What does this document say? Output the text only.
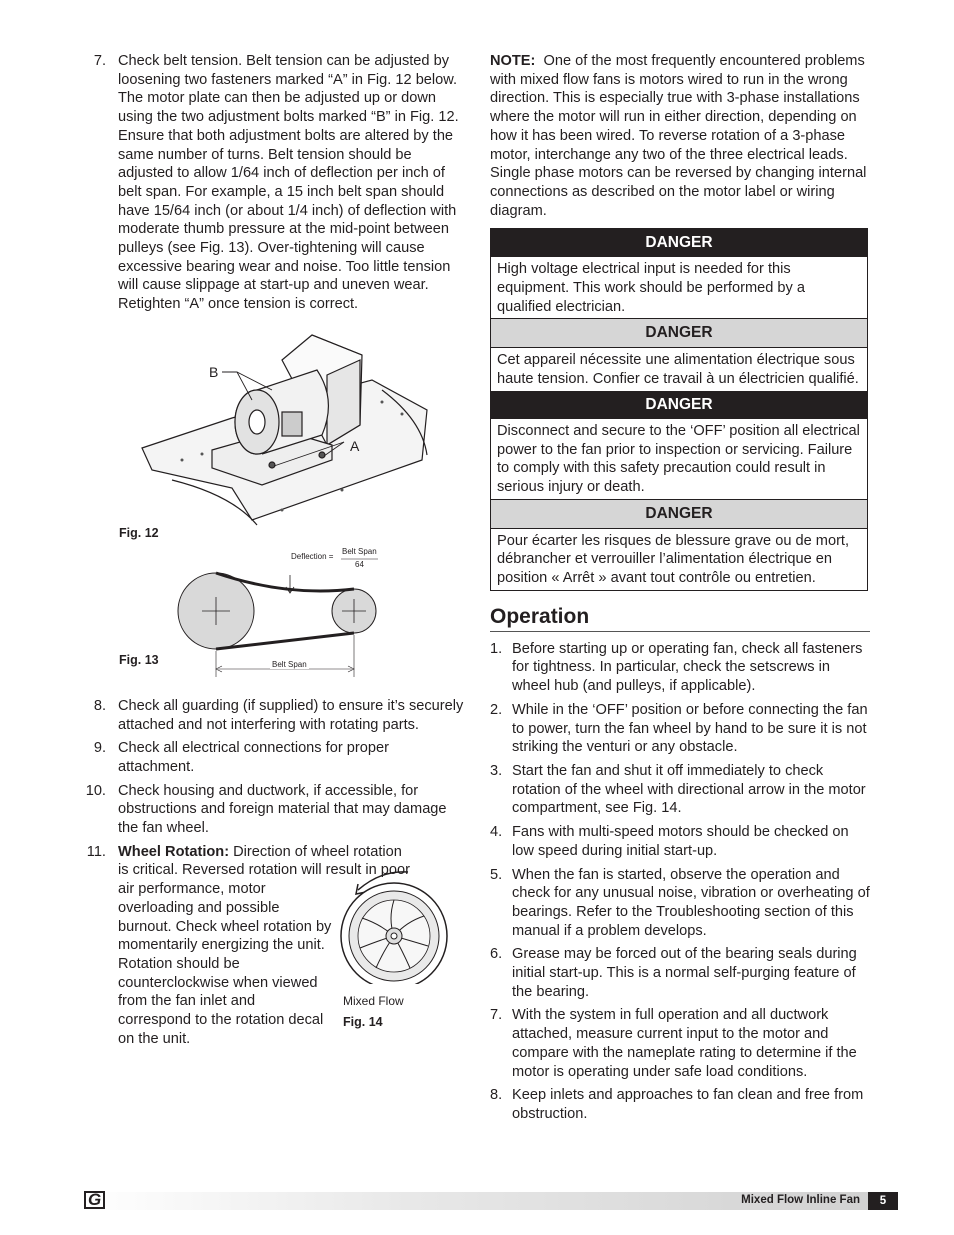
7. Check belt tension. Belt tension can be adjusted by loosening two fasteners marked “A” in Fig. 12 below. The motor plate can then be adjusted up or down using the two adjustment bolts marked “B” in Fig. 12. Ensure that both adjustment bolts are altered by the same number of turns. Belt tension should be adjusted to allow 1/64 inch of deflection per inch of belt span. For example, a 15 inch belt span should have 15/64 inch (or about 1/4 inch) of deflection with moderate thumb pressure at the mid-point between pulleys (see Fig. 13). Over-tightening will cause excessive bearing wear and noise. Too little tension will cause slippage at start-up and uneven wear. Retighten “A” once tension is correct.
B
A
Fig. 12
Deflection =
Belt Span
64
Belt Span
Fig. 13
8. Check all guarding (if supplied) to ensure it’s securely attached and not interfering with rotating parts.
9. Check all electrical connections for proper attachment.
10. Check housing and ductwork, if accessible, for obstructions and foreign material that may damage the fan wheel.
11. Wheel Rotation: Direction of wheel rotation
is critical. Reversed rotation will result in poor
air performance, motor overloading and possible burnout. Check wheel rotation by momentarily energizing the unit. Rotation should be counterclockwise when viewed from the fan inlet and correspond to the rotation decal on the unit.
Mixed Flow
Fig. 14
NOTE: One of the most frequently encountered problems with mixed flow fans is motors wired to run in the wrong direction. This is especially true with 3-phase installations where the motor will run in either direction, depending on how it has been wired. To reverse rotation of a 3-phase motor, interchange any two of the three electrical leads. Single phase motors can be reversed by changing internal connections as described on the motor label or wiring diagram.
DANGER
High voltage electrical input is needed for this equipment. This work should be performed by a qualified electrician.
DANGER
Cet appareil nécessite une alimentation électrique sous haute tension. Confier ce travail à un électricien qualifié.
DANGER
Disconnect and secure to the ‘OFF’ position all electrical power to the fan prior to inspection or servicing. Failure to comply with this safety precaution could result in serious injury or death.
DANGER
Pour écarter les risques de blessure grave ou de mort, débrancher et verrouiller l’alimentation électrique en position « Arrêt » avant tout contrôle ou entretien.
Operation
1. Before starting up or operating fan, check all fasteners for tightness. In particular, check the setscrews in wheel hub (and pulleys, if applicable).
2. While in the ‘OFF’ position or before connecting the fan to power, turn the fan wheel by hand to be sure it is not striking the venturi or any obstacle.
3. Start the fan and shut it off immediately to check rotation of the wheel with directional arrow in the motor compartment, see Fig. 14.
4. Fans with multi-speed motors should be checked on low speed during initial start-up.
5. When the fan is started, observe the operation and check for any unusual noise, vibration or overheating of bearings. Refer to the Troubleshooting section of this manual if a problem develops.
6. Grease may be forced out of the bearing seals during initial start-up. This is a normal self-purging feature of the bearing.
7. With the system in full operation and all ductwork attached, measure current input to the motor and compare with the nameplate rating to determine if the motor is operating under safe load conditions.
8. Keep inlets and approaches to fan clean and free from obstruction.
G	Mixed Flow Inline Fan	5
